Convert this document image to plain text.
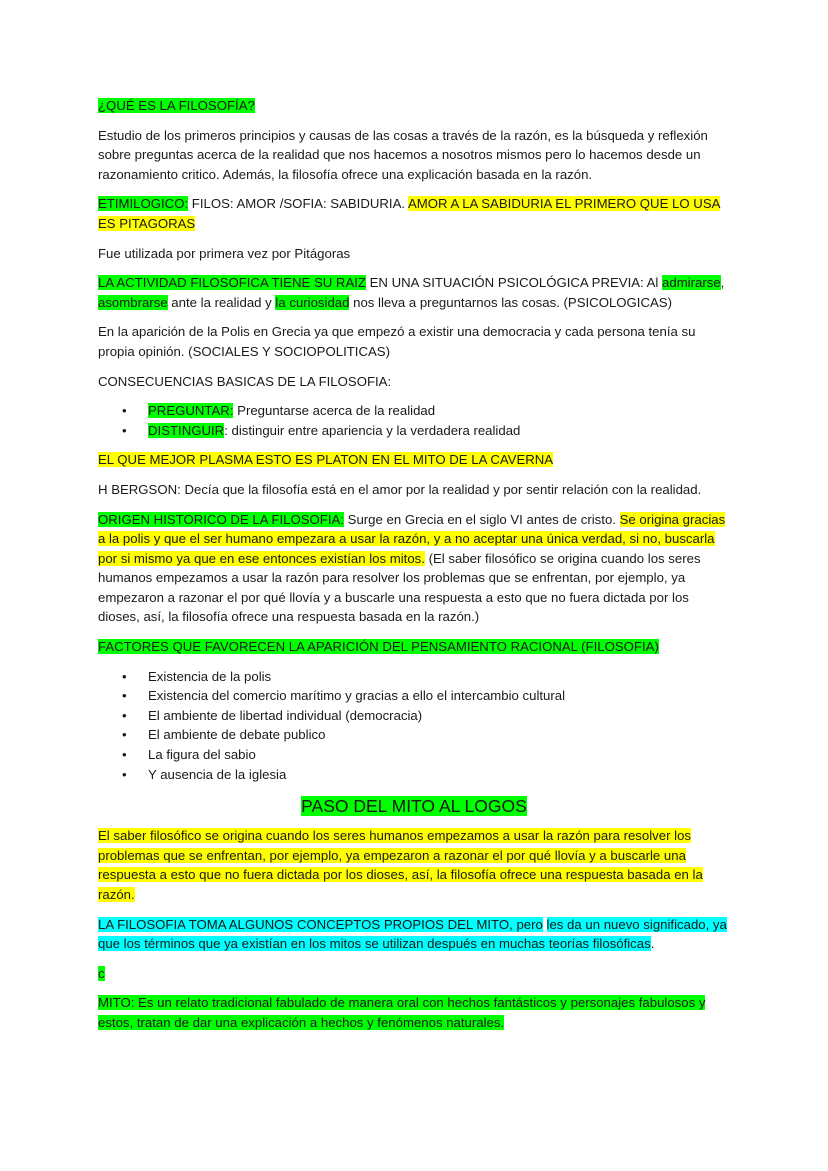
¿QUÉ ES LA FILOSOFÍA?

Estudio de los primeros principios y causas de las cosas a través de la razón, es la búsqueda y reflexión sobre preguntas acerca de la realidad que nos hacemos a nosotros mismos pero lo hacemos desde un razonamiento critico. Además, la filosofía ofrece una explicación basada en la razón.

ETIMILOGICO: FILOS: AMOR /SOFIA: SABIDURIA. AMOR A LA SABIDURIA EL PRIMERO QUE LO USA ES PITAGORAS

Fue utilizada por primera vez por Pitágoras

LA ACTIVIDAD FILOSOFICA TIENE SU RAIZ EN UNA SITUACIÓN PSICOLÓGICA PREVIA: Al admirarse, asombrarse ante la realidad y la curiosidad nos lleva a preguntarnos las cosas. (PSICOLOGICAS)

En la aparición de la Polis en Grecia ya que empezó a existir una democracia y cada persona tenía su propia opinión. (SOCIALES Y SOCIOPOLITICAS)

CONSECUENCIAS BASICAS DE LA FILOSOFIA:

• PREGUNTAR: Preguntarse acerca de la realidad
• DISTINGUIR: distinguir entre apariencia y la verdadera realidad

EL QUE MEJOR PLASMA ESTO ES PLATON EN EL MITO DE LA CAVERNA

H BERGSON: Decía que la filosofía está en el amor por la realidad y por sentir relación con la realidad.

ORIGEN HISTORICO DE LA FILOSOFIA: Surge en Grecia en el siglo VI antes de cristo. Se origina gracias a la polis y que el ser humano empezara a usar la razón, y a no aceptar una única verdad, si no, buscarla por si mismo ya que en ese entonces existían los mitos. (El saber filosófico se origina cuando los seres humanos empezamos a usar la razón para resolver los problemas que se enfrentan, por ejemplo, ya empezaron a razonar el por qué llovía y a buscarle una respuesta a esto que no fuera dictada por los dioses, así, la filosofía ofrece una respuesta basada en la razón.)

FACTORES QUE FAVORECEN LA APARICIÓN DEL PENSAMIENTO RACIONAL (FILOSOFIA)

• Existencia de la polis
• Existencia del comercio marítimo y gracias a ello el intercambio cultural
• El ambiente de libertad individual (democracia)
• El ambiente de debate publico
• La figura del sabio
• Y ausencia de la iglesia
PASO DEL MITO AL LOGOS

El saber filosófico se origina cuando los seres humanos empezamos a usar la razón para resolver los problemas que se enfrentan, por ejemplo, ya empezaron a razonar el por qué llovía y a buscarle una respuesta a esto que no fuera dictada por los dioses, así, la filosofía ofrece una respuesta basada en la razón.

LA FILOSOFIA TOMA ALGUNOS CONCEPTOS PROPIOS DEL MITO, pero les da un nuevo significado, ya que los términos que ya existían en los mitos se utilizan después en muchas teorías filosóficas.

c

MITO: Es un relato tradicional fabulado de manera oral con hechos fantásticos y personajes fabulosos y estos, tratan de dar una explicación a hechos y fenómenos naturales.
